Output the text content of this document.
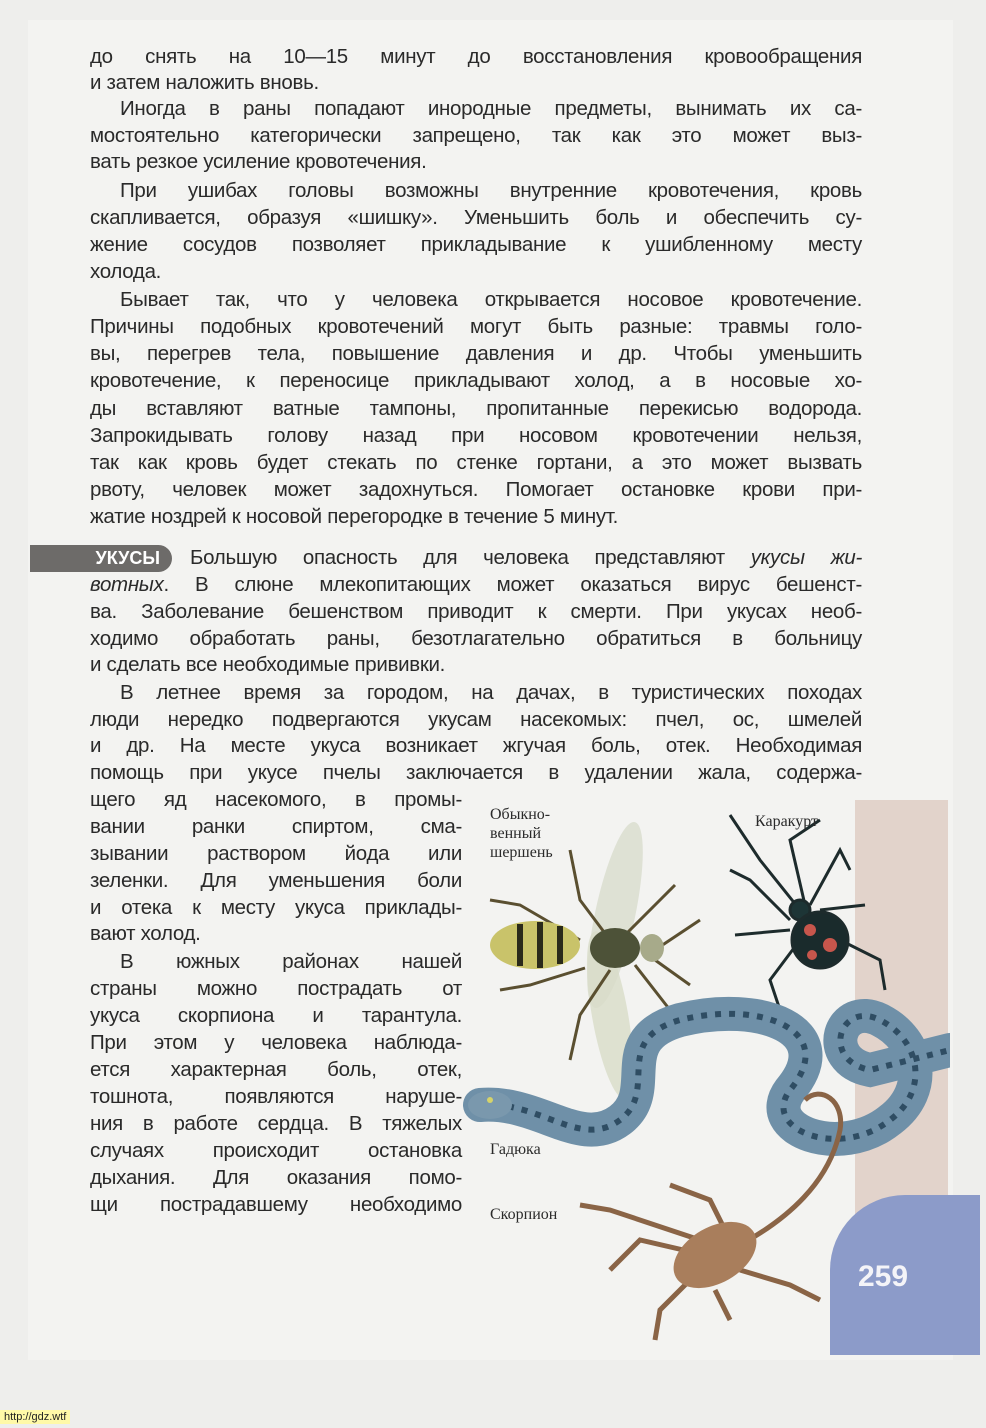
259
УКУСЫ
до снять на 10—15 минут до восстановления кровообращения
и затем наложить вновь.
Иногда в раны попадают инородные предметы, вынимать их са-
мостоятельно категорически запрещено, так как это может выз-
вать резкое усиление кровотечения.
При ушибах головы возможны внутренние кровотечения, кровь
скапливается, образуя «шишку». Уменьшить боль и обеспечить су-
жение сосудов позволяет прикладывание к ушибленному месту
холода.
Бывает так, что у человека открывается носовое кровотечение.
Причины подобных кровотечений могут быть разные: травмы голо-
вы, перегрев тела, повышение давления и др. Чтобы уменьшить
кровотечение, к переносице прикладывают холод, а в носовые хо-
ды вставляют ватные тампоны, пропитанные перекисью водорода.
Запрокидывать голову назад при носовом кровотечении нельзя,
так как кровь будет стекать по стенке гортани, а это может вызвать
рвоту, человек может задохнуться. Помогает остановке крови при-
жатие ноздрей к носовой перегородке в течение 5 минут.
Большую опасность для человека представляют укусы жи-
вотных. В слюне млекопитающих может оказаться вирус бешенст-
ва. Заболевание бешенством приводит к смерти. При укусах необ-
ходимо обработать раны, безотлагательно обратиться в больницу
и сделать все необходимые прививки.
В летнее время за городом, на дачах, в туристических походах
люди нередко подвергаются укусам насекомых: пчел, ос, шмелей
и др. На месте укуса возникает жгучая боль, отек. Необходимая
помощь при укусе пчелы заключается в удалении жала, содержа-
щего яд насекомого, в промы-
вании ранки спиртом, сма-
зывании раствором йода или
зеленки. Для уменьшения боли
и отека к месту укуса приклады-
вают холод.
В южных районах нашей
страны можно пострадать от
укуса скорпиона и тарантула.
При этом у человека наблюда-
ется характерная боль, отек,
тошнота, появляются наруше-
ния в работе сердца. В тяжелых
случаях происходит остановка
дыхания. Для оказания помо-
щи пострадавшему необходимо
Обыкно-
венный
шершень
Каракурт
Гадюка
Скорпион
http://gdz.wtf
